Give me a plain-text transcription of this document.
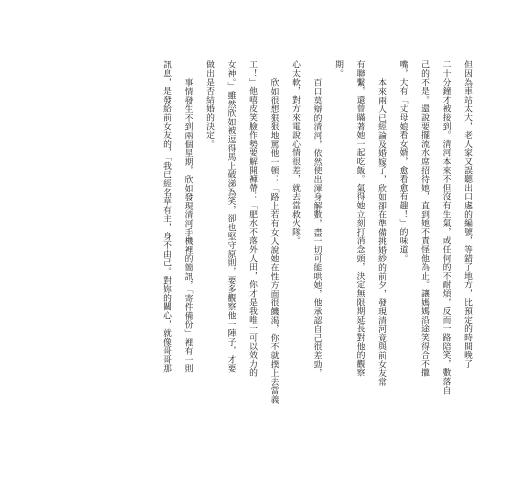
但因為車站太大，老人家又誤聽出口處的編號，等錯了地方，比預定的時間晚了
二十分鐘才被接到。清河本來不但沒有生氣，或任何的不耐煩，反而一路陪笑，數落自
己的不是。還說要擺流水席招待她，直到她不責怪他為止。讓媽媽沿途笑得合不攏
嘴，大有「丈母娘看女婿，愈看愈有趣！」的味道。
本來兩人已經論及婚嫁了，欣如卻在準備挑婚紗的前夕，發現清河竟與前女友常
有聯繫，還曾瞞著她一起吃飯。氣得她立刻打消念頭，決定無限期延長對他的觀察
期。
百口莫辯的清河，依然使出渾身解數，盡一切可能哄她，他承認自己很差勁，
心太軟，對方來電說心情很差，就去當救火隊。
欣如很想狠狠地罵他一頓：「路上若有女人說她在性方面很饑渴，你不就撲上去當義
工！」他嘻皮笑臉作勢要解開褲帶：「肥水不落外人田，你才是我唯一可以效力的
女神。」雖然欣如被逗得馬上破涕為笑，卻也堅守原則，要多觀察他一陣子，才要
做出是否結婚的決定。
事情發生不到兩個星期，欣如發現清河手機裡的簡訊，「寄件備份」裡有一則
訊息，是發給前女友的，「我已經名草有主，身不由己。對妳的關心，就像哥哥那
